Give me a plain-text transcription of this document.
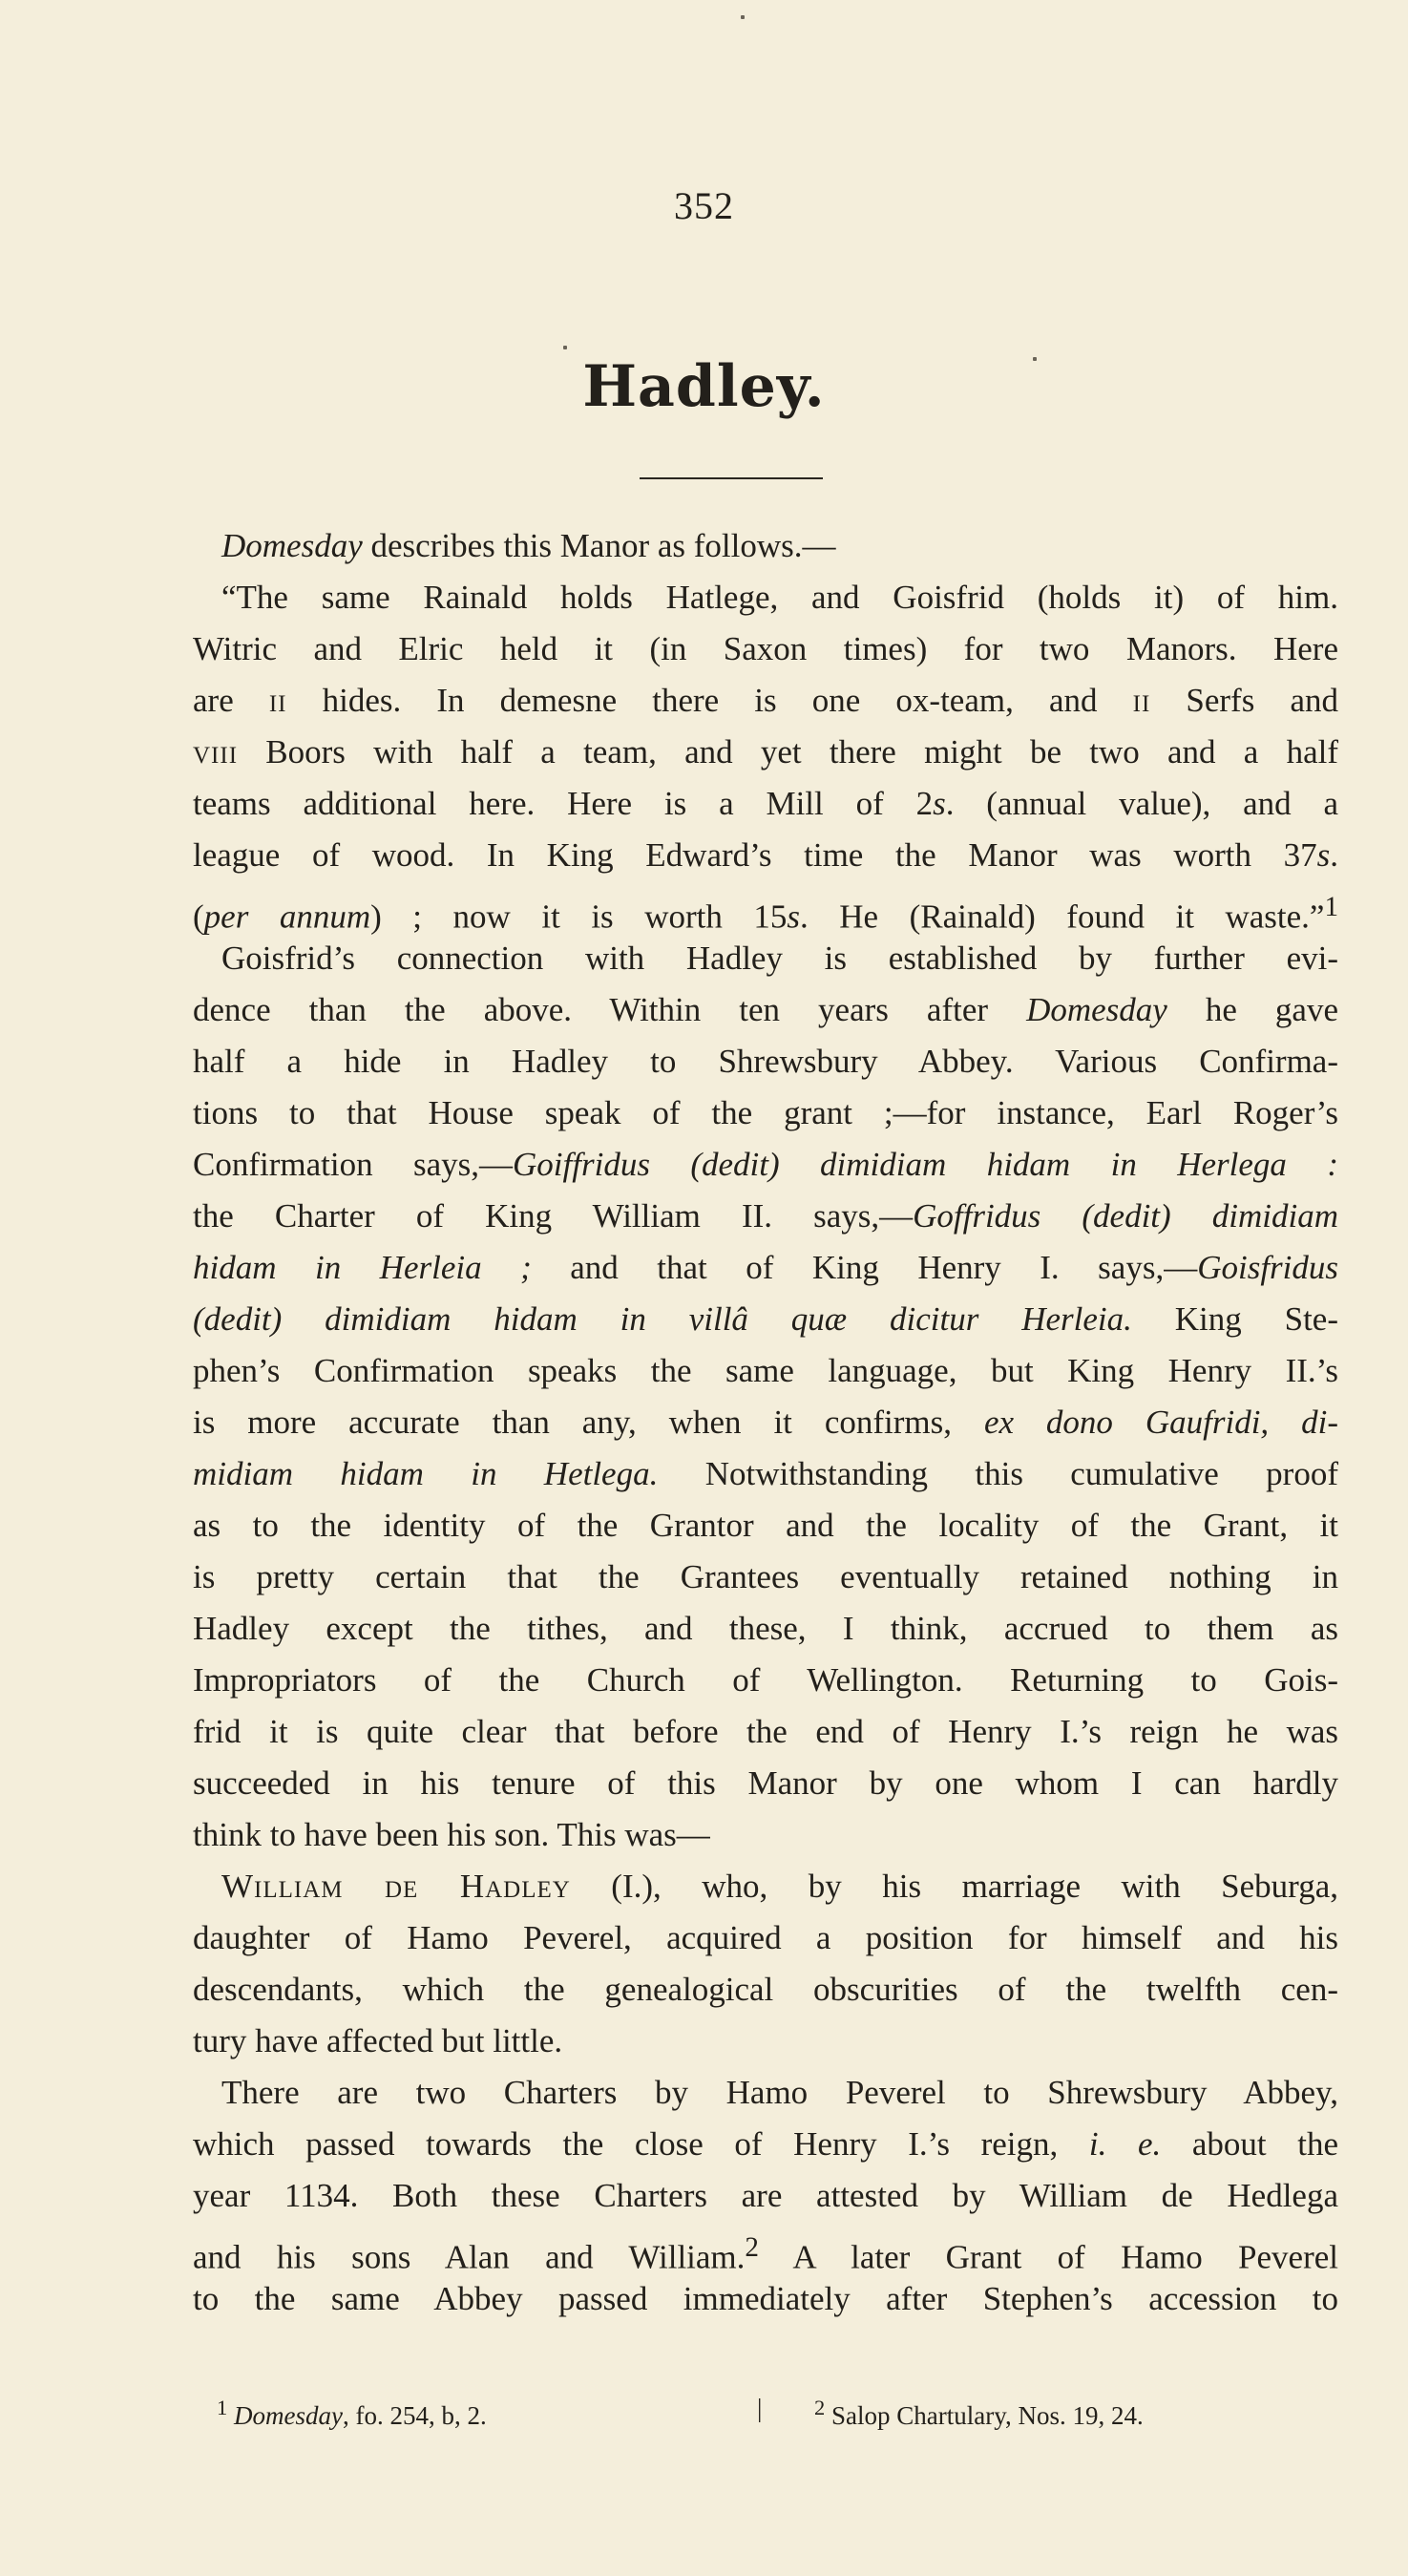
352
Hadley.
Domesday describes this Manor as follows.—
“The same Rainald holds Hatlege, and Goisfrid (holds it) of him.
Witric and Elric held it (in Saxon times) for two Manors. Here
are ii hides. In demesne there is one ox-team, and ii Serfs and
viii Boors with half a team, and yet there might be two and a half
teams additional here. Here is a Mill of 2s. (annual value), and a
league of wood. In King Edward’s time the Manor was worth 37s.
(per annum) ; now it is worth 15s. He (Rainald) found it waste.”$^1$
Goisfrid’s connection with Hadley is established by further evi-
dence than the above. Within ten years after Domesday he gave
half a hide in Hadley to Shrewsbury Abbey. Various Confirma-
tions to that House speak of the grant ;—for instance, Earl Roger’s
Confirmation says,—Goiffridus (dedit) dimidiam hidam in Herlega :
the Charter of King William II. says,—Goffridus (dedit) dimidiam
hidam in Herleia ; and that of King Henry I. says,—Goisfridus
(dedit) dimidiam hidam in villâ quæ dicitur Herleia. King Ste-
phen’s Confirmation speaks the same language, but King Henry II.’s
is more accurate than any, when it confirms, ex dono Gaufridi, di-
midiam hidam in Hetlega. Notwithstanding this cumulative proof
as to the identity of the Grantor and the locality of the Grant, it
is pretty certain that the Grantees eventually retained nothing in
Hadley except the tithes, and these, I think, accrued to them as
Impropriators of the Church of Wellington. Returning to Gois-
frid it is quite clear that before the end of Henry I.’s reign he was
succeeded in his tenure of this Manor by one whom I can hardly
think to have been his son. This was—
William de Hadley (I.), who, by his marriage with Seburga,
daughter of Hamo Peverel, acquired a position for himself and his
descendants, which the genealogical obscurities of the twelfth cen-
tury have affected but little.
There are two Charters by Hamo Peverel to Shrewsbury Abbey,
which passed towards the close of Henry I.’s reign, i. e. about the
year 1134. Both these Charters are attested by William de Hedlega
and his sons Alan and William.$^2$ A later Grant of Hamo Peverel
to the same Abbey passed immediately after Stephen’s accession to
$^1$ Domesday, fo. 254, b, 2.	| $^2$ Salop Chartulary, Nos. 19, 24.
